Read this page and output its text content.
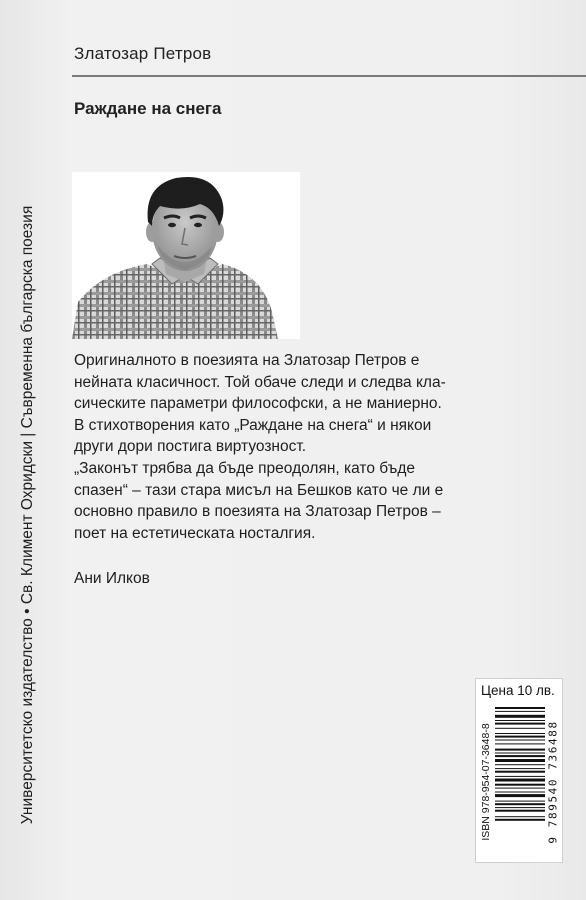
Златозар Петров
Раждане на снега

Оригиналното в поезията на Златозар Петров е

нейната класичност. Той обаче следи и следва кла-

сическите параметри философски, а не маниерно.

В стихотворения като „Раждане на снега“ и някои

други дори постига виртуозност.

„Законът трябва да бъде преодолян, като бъде

спазен“ – тази стара мисъл на Бешков като че ли е

основно правило в поезията на Златозар Петров –

поет на естетическата носталгия.

Ани Илков
Университетско издателство • Св. Климент Охридски | Съвременна българска поезия	Цена 10 лв.
ISBN 978-954-07-3648-8	9 789540 736488
